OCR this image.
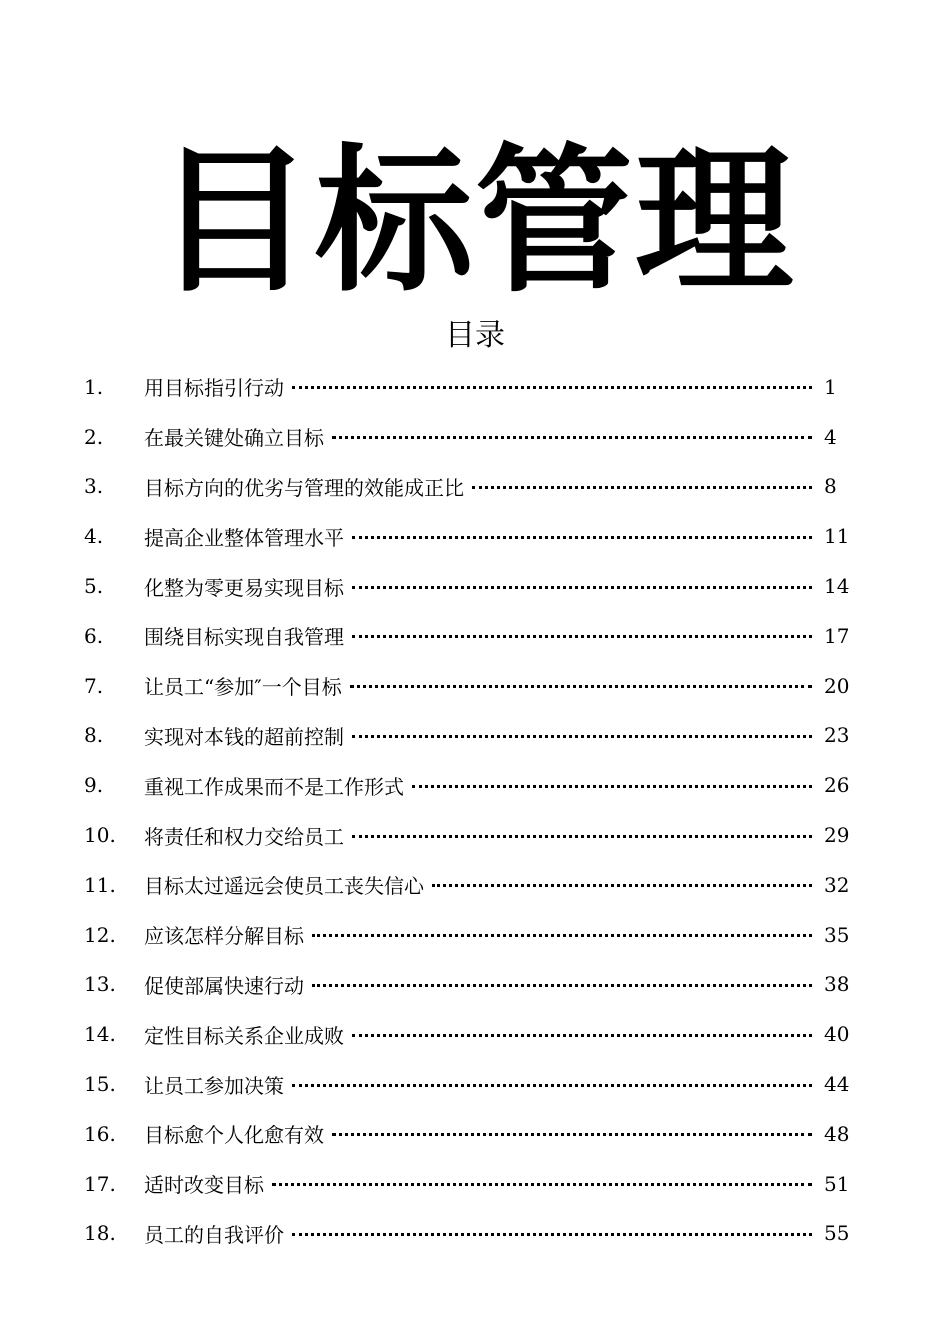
目标管理
目录
1.	用目标指引行动	1
2.	在最关键处确立目标	4
3.	目标方向的优劣与管理的效能成正比	8
4.	提高企业整体管理水平	11
5.	化整为零更易实现目标	14
6.	围绕目标实现自我管理	17
7.	让员工“参加″一个目标	20
8.	实现对本钱的超前控制	23
9.	重视工作成果而不是工作形式	26
10.	将责任和权力交给员工	29
11.	目标太过遥远会使员工丧失信心	32
12.	应该怎样分解目标	35
13.	促使部属快速行动	38
14.	定性目标关系企业成败	40
15.	让员工参加决策	44
16.	目标愈个人化愈有效	48
17.	适时改变目标	51
18.	员工的自我评价	55
